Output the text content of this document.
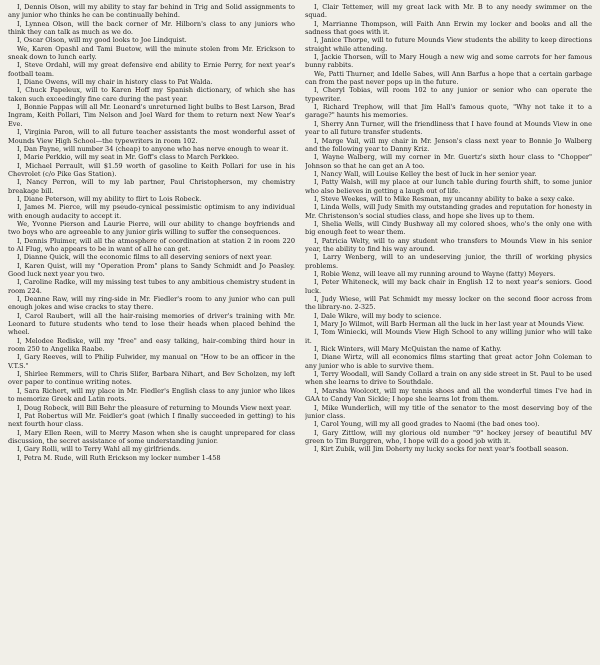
I, Dennis Olson, will my ability to stay far behind in Trig and Solid assignments to any junior who thinks he can be continually behind.

I, Lynnea Olson, will the back corner of Mr. Hilborn's class to any juniors who think they can talk as much as we do.

I, Oscar Olson, will my good looks to Joe Lindquist.

We, Karen Opashl and Tami Buetow, will the minute stolen from Mr. Erickson to sneak down to lunch early.

I, Steve Ordahl, will my great defensive end ability to Ernie Perry, for next year's football team.

I, Diane Owens, will my chair in history class to Pat Walda.

I, Chuck Papeleux, will to Karen Hoff my Spanish dictionary, of which she has taken such exceedingly fine care during the past year.

I, Bonnie Pappas will all Mr. Leonard's unreturned light bulbs to Best Larson, Brad Ingram, Keith Pollari, Tim Nelson and Joel Ward for them to return next New Year's Eve.

I, Virginia Paron, will to all future teacher assistants the most wonderful asset of Mounds View High School—the typewriters in room 102.

I, Dan Payne, will number 34 (cheap) to anyone who has nerve enough to wear it.

I, Marie Perkkio, will my seat in Mr. Goff's class to March Perkkeo.

I, Michael Perrault, will $1.59 worth of gasoline to Keith Pollari for use in his Chevrolet (c/o Pike Gas Station).

I, Nancy Perron, will to my lab partner, Paul Christopherson, my chemistry breakage bill.

I, Diane Peterson, will my ability to flirt to Lois Robeck.

I, James M. Pierce, will my pseudo-cynical pessimistic optimism to any individual with enough audacity to accept it.

We, Yvonne Pierson and Laurie Pierre, will our ability to change boyfriends and two boys who are agreeable to any junior girls willing to suffer the consequences.

I, Dennis Pluimer, will all the atmosphere of coordination at station 2 in room 220 to Al Flug, who appears to be in want of all he can get.

I, Dianne Quick, will the economic films to all deserving seniors of next year.

I, Karen Quist, will my "Operation Prom" plans to Sandy Schmidt and Jo Peasley. Good luck next year you two.

I, Caroline Radke, will my missing test tubes to any ambitious chemistry student in room 224.

I, Deanne Raw, will my ring-side in Mr. Fiedler's room to any junior who can pull enough jokes and wise cracks to stay there.

I, Carol Raubert, will all the hair-raising memories of driver's training with Mr. Leonard to future students who tend to lose their heads when placed behind the wheel.

I, Melodee Rediske, will my "free" and easy talking, hair-combing third hour in room 250 to Angelika Raabe.

I, Gary Reeves, will to Philip Fulwider, my manual on "How to be an officer in the V.T.S."

I, Shirlee Remmers, will to Chris Slifer, Barbara Nihart, and Bev Scholzen, my left over paper to continue writing notes.

I, Sara Richert, will my place in Mr. Fiedler's English class to any junior who likes to memorize Greek and Latin roots.

I, Doug Robeck, will Bill Behr the pleasure of returning to Mounds View next year.

I, Pat Robertus will Mr. Feidler's goat (which I finally succeeded in getting) to his next fourth hour class.

I, Mary Ellen Reen, will to Merry Mason when she is caught unprepared for class discussion, the secret assistance of some understanding junior.

I, Gary Rolli, will to Terry Wahl all my girlfriends.

I, Petra M. Rude, will Ruth Erickson my locker number 1-458

I, Clair Tettemer, will my great lack with Mr. B to any needy swimmer on the squad.

I, Marrianne Thompson, will Faith Ann Erwin my locker and books and all the sadness that goes with it.

I, Janice Thorpe, will to future Mounds View students the ability to keep directions straight while attending.

I, Jackie Thorsen, will to Mary Hough a new wig and some carrots for her famous bunny rabbits.

We, Patti Thurner, and Idelle Sabes, will Ann Barfus a hope that a certain garbage can from the past never pops up in the future.

I, Cheryl Tobias, will room 102 to any junior or senior who can operate the typewriter.

I, Richard Trephow, will that Jim Hall's famous quote, "Why not take it to a garage?" haunts his memories.

I, Sherry Ann Turner, will the friendliness that I have found at Mounds View in one year to all future transfer students.

I, Marge Vail, will my chair in Mr. Jenson's class next year to Bonnie Jo Walberg and the following year to Danny Kriz.

I, Wayne Walberg, will my corner in Mr. Guertz's sixth hour class to "Chopper" Johnson so that he can get an A too.

I, Nancy Wall, will Louise Kelley the best of luck in her senior year.

I, Patty Walsh, will my place at our lunch table during fourth shift, to some junior who also believes in getting a laugh out of life.

I, Steve Weekes, will to Mike Resman, my uncanny ability to bake a sexy cake.

I, Linda Wells, will Judy Smith my outstanding grades and reputation for honesty in Mr. Christenson's social studies class, and hope she lives up to them.

I, Shelia Wells, will Cindy Bushway all my colored shoes, who's the only one with big enough feet to wear them.

I, Patricia Welty, will to any student who transfers to Mounds View in his senior year, the ability to find his way around.

I, Larry Wenberg, will to an undeserving junior, the thrill of working physics problems.

I, Robie Wenz, will leave all my running around to Wayne (fatty) Meyers.

I, Peter Whiteneck, will my back chair in English 12 to next year's seniors. Good luck.

I, Judy Wiese, will Pat Schmidt my messy locker on the second floor across from the library-no. 2-325.

I, Dale Wikre, will my body to science.

I, Mary Jo Wilmot, will Barb Herman all the luck in her last year at Mounds View.

I, Tom Winiecki, will Mounds View High School to any willing junior who will take it.

I, Rick Winters, will Mary McQuistan the name of Kathy.

I, Diane Wirtz, will all economics films starting that great actor John Coleman to any junior who is able to survive them.

I, Terry Woodall, will Sandy Collard a train on any side street in St. Paul to be used when she learns to drive to Southdale.

I, Marsha Woolcott, will my tennis shoes and all the wonderful times I've had in GAA to Candy Van Sickle; I hope she learns lot from them.

I, Mike Wunderlich, will my title of the senator to the most deserving boy of the junior class.

I, Carol Young, will my all good grades to Naomi (the bad ones too).

I, Gary Zittlow, will my glorious old number "9" hockey jersey of beautiful MV green to Tim Burggren, who, I hope will do a good job with it.

I, Kirt Zubik, will Jim Doherty my lucky socks for next year's football season.
